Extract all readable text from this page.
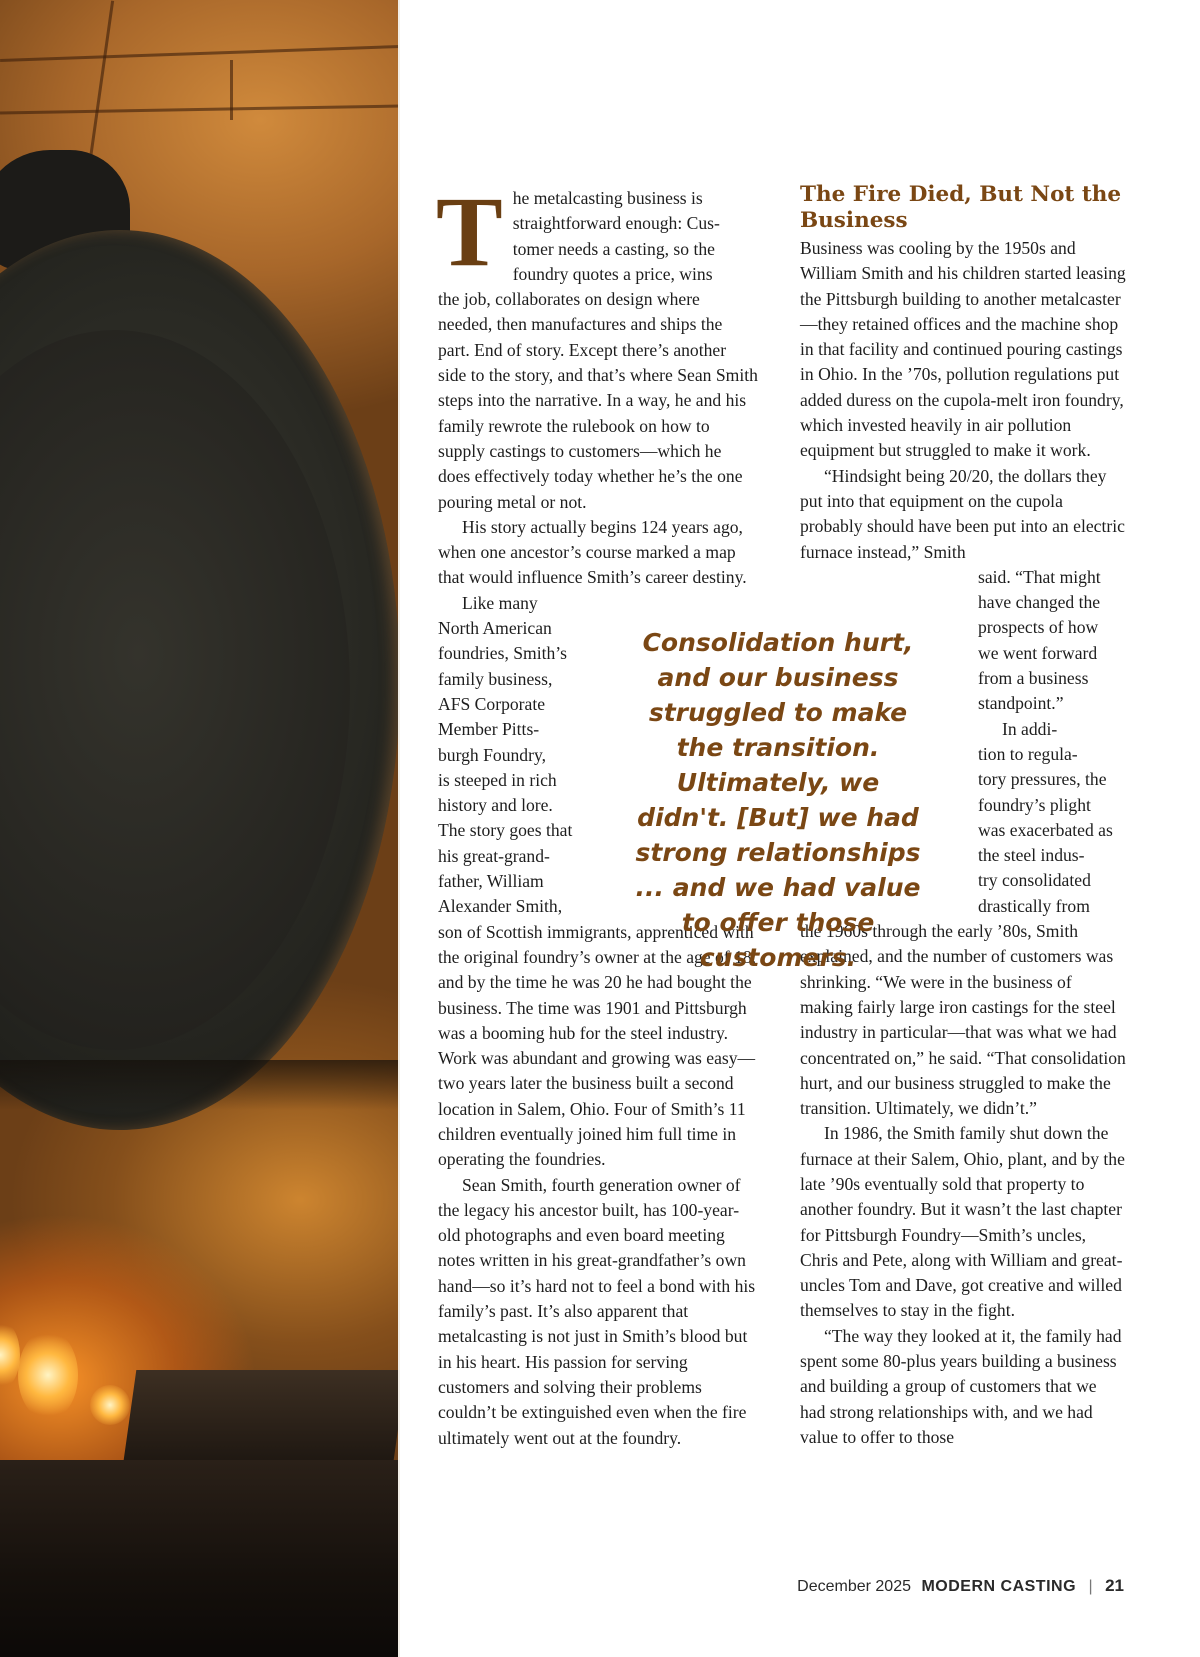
T he metalcasting business is
straightforward enough: Cus-
tomer needs a casting, so the
foundry quotes a price, wins

the job, collaborates on design where needed, then manufactures and ships the part. End of story. Except there’s another side to the story, and that’s where Sean Smith steps into the narrative. In a way, he and his family rewrote the rulebook on how to supply castings to customers—which he does effectively today whether he’s the one pouring metal or not.

His story actually begins 124 years ago, when one ancestor’s course marked a map that would influence Smith’s career destiny.

Like many
North American
foundries, Smith’s
family business,
AFS Corporate
Member Pitts-
burgh Foundry,
is steeped in rich
history and lore.
The story goes that
his great-grand-
father, William
Alexander Smith,

son of Scottish immigrants, apprenticed with the original foundry’s owner at the age of 18, and by the time he was 20 he had bought the business. The time was 1901 and Pittsburgh was a booming hub for the steel industry. Work was abundant and growing was easy—two years later the business built a second location in Salem, Ohio. Four of Smith’s 11 children eventually joined him full time in operating the foundries.

Sean Smith, fourth generation owner of the legacy his ancestor built, has 100-year-old photographs and even board meeting notes written in his great-grandfather’s own hand—so it’s hard not to feel a bond with his family’s past. It’s also apparent that metalcasting is not just in Smith’s blood but in his heart. His passion for serving customers and solving their problems couldn’t be extinguished even when the fire ultimately went out at the foundry.

The Fire Died, But Not the Business

Business was cooling by the 1950s and William Smith and his children started leasing the Pittsburgh building to another metalcaster—they retained offices and the machine shop in that facility and continued pouring castings in Ohio. In the ’70s, pollution regulations put added duress on the cupola-melt iron foundry, which invested heavily in air pollution equipment but struggled to make it work.

“Hindsight being 20/20, the dollars they put into that equipment on the cupola probably should have been put into an electric furnace instead,” Smith

said. “That might
have changed the
prospects of how
we went forward
from a business
standpoint.”
In addi-
tion to regula-
tory pressures, the
foundry’s plight
was exacerbated as
the steel indus-
try consolidated
drastically from

the 1960s through the early ’80s, Smith explained, and the number of customers was shrinking. “We were in the business of making fairly large iron castings for the steel industry in particular—that was what we had concentrated on,” he said. “That consolidation hurt, and our business struggled to make the transition. Ultimately, we didn’t.”

In 1986, the Smith family shut down the furnace at their Salem, Ohio, plant, and by the late ’90s eventually sold that property to another foundry. But it wasn’t the last chapter for Pittsburgh Foundry—Smith’s uncles, Chris and Pete, along with William and great-uncles Tom and Dave, got creative and willed themselves to stay in the fight.

“The way they looked at it, the family had spent some 80-plus years building a business and building a group of customers that we had strong relationships with, and we had value to offer to those

Consolidation hurt, and our business struggled to make the transition. Ultimately, we didn't. [But] we had strong relationships ... and we had value to offer those customers.

December 2025 MODERN CASTING | 21
